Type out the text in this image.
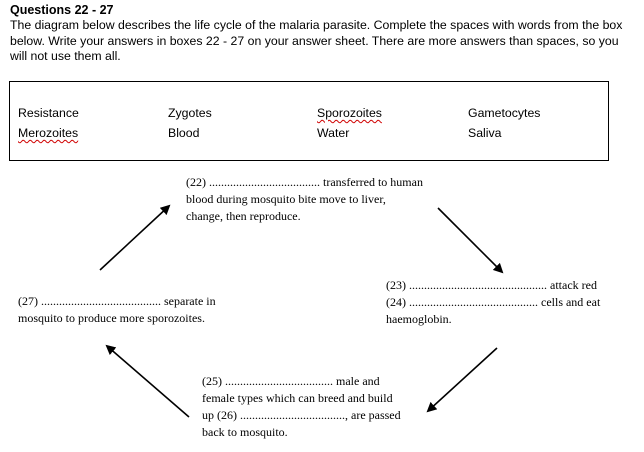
Questions 22 - 27
The diagram below describes the life cycle of the malaria parasite. Complete the spaces with words from the box below. Write your answers in boxes 22 - 27 on your answer sheet. There are more answers than spaces, so you will not use them all.
Resistance	Zygotes	Sporozoites	Gametocytes
Merozoites	Blood	Water	Saliva
(22) ..................................... transferred to human
blood during mosquito bite move to liver,
change, then reproduce.
(23) .............................................. attack red
(24) ........................................... cells and eat
haemoglobin.
(25) .................................... male and
female types which can breed and build
up (26) ..................................., are passed
back to mosquito.
(27) ........................................ separate in
mosquito to produce more sporozoites.
